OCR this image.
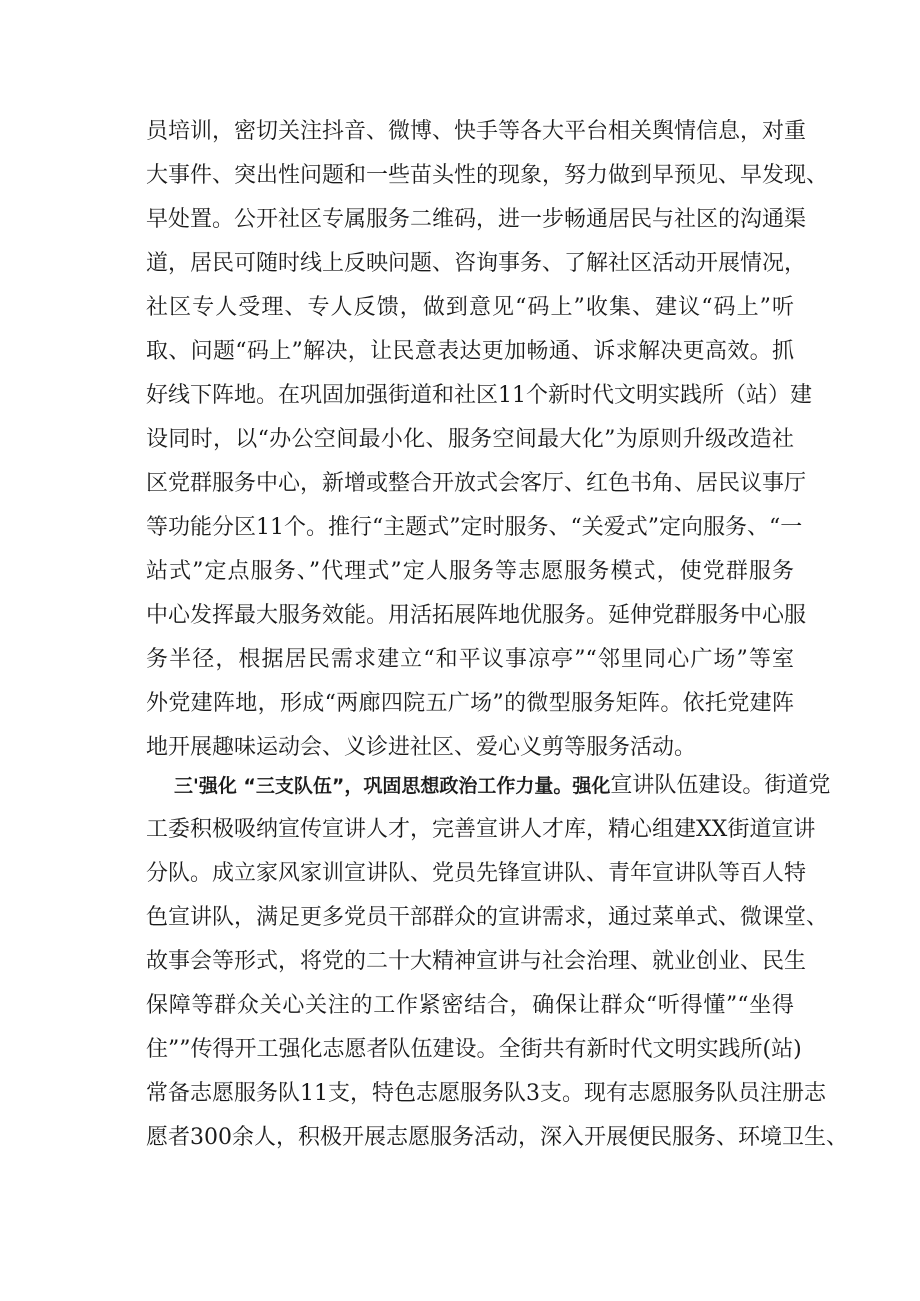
员培训，密切关注抖音、微博、快手等各大平台相关舆情信息，对重
大事件、突出性问题和一些苗头性的现象，努力做到早预见、早发现、
早处置。公开社区专属服务二维码，进一步畅通居民与社区的沟通渠
道，居民可随时线上反映问题、咨询事务、了解社区活动开展情况，
社区专人受理、专人反馈，做到意见“码上”收集、建议“码上”听
取、问题“码上”解决，让民意表达更加畅通、诉求解决更高效。抓
好线下阵地。在巩固加强街道和社区11个新时代文明实践所（站）建
设同时，以“办公空间最小化、服务空间最大化”为原则升级改造社
区党群服务中心，新增或整合开放式会客厅、红色书角、居民议事厅
等功能分区11个。推行“主题式”定时服务、“关爱式”定向服务、“一
站式”定点服务、”代理式”定人服务等志愿服务模式，使党群服务
中心发挥最大服务效能。用活拓展阵地优服务。延伸党群服务中心服
务半径，根据居民需求建立“和平议事凉亭”“邻里同心广场”等室
外党建阵地，形成“两廊四院五广场”的微型服务矩阵。依托党建阵
地开展趣味运动会、义诊进社区、爱心义剪等服务活动。
三'强化 “三支队伍”，巩固思想政治工作力量。强化宣讲队伍建设。街道党
工委积极吸纳宣传宣讲人才，完善宣讲人才库，精心组建XX街道宣讲
分队。成立家风家训宣讲队、党员先锋宣讲队、青年宣讲队等百人特
色宣讲队，满足更多党员干部群众的宣讲需求，通过菜单式、微课堂、
故事会等形式，将党的二十大精神宣讲与社会治理、就业创业、民生
保障等群众关心关注的工作紧密结合，确保让群众“听得懂”“坐得
住””传得开工强化志愿者队伍建设。全街共有新时代文明实践所(站)
常备志愿服务队11支，特色志愿服务队3支。现有志愿服务队员注册志
愿者300余人，积极开展志愿服务活动，深入开展便民服务、环境卫生、
